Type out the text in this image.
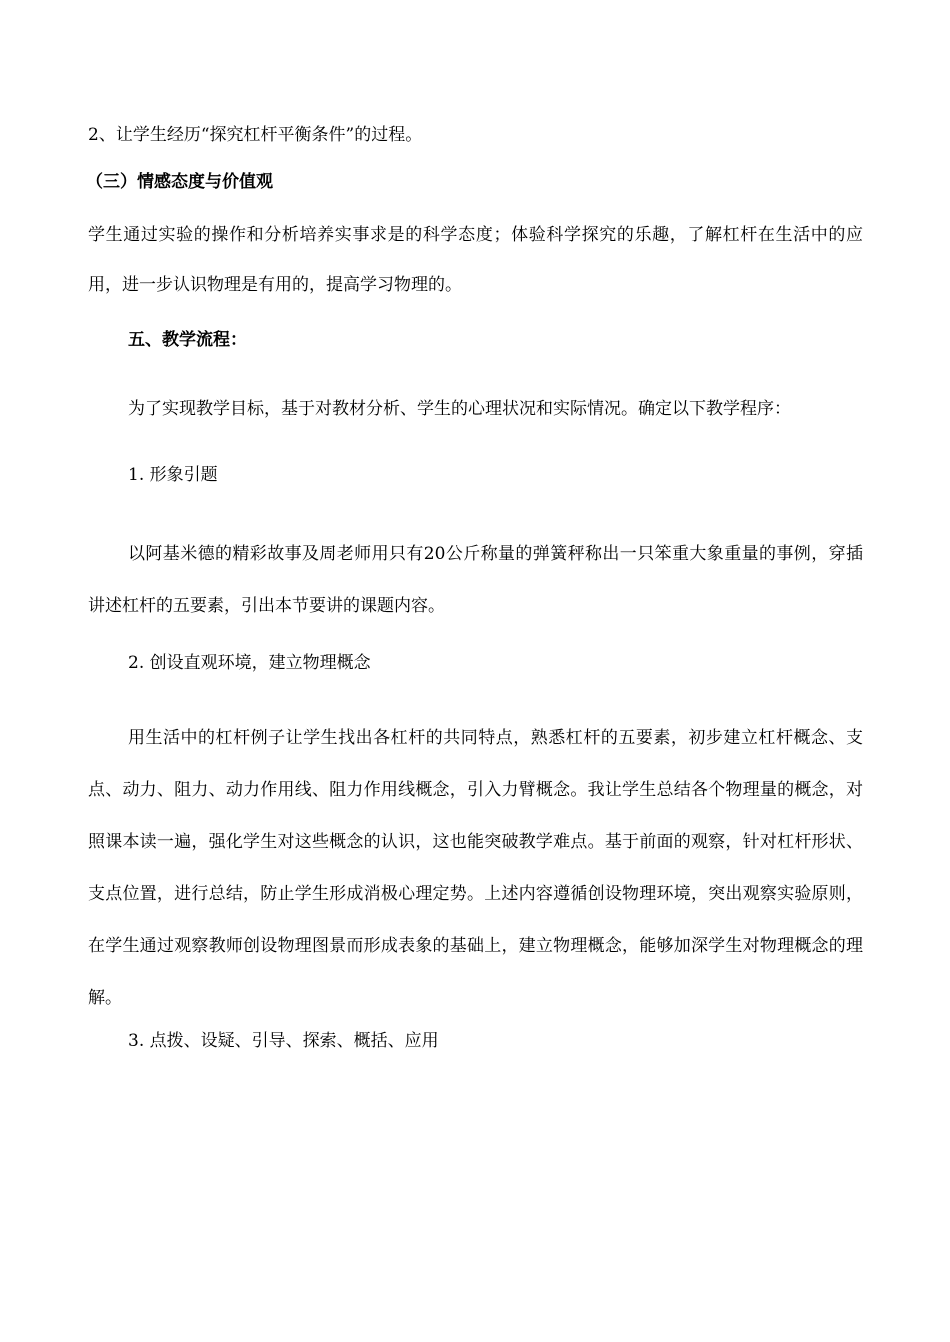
2、让学生经历“探究杠杆平衡条件”的过程。
（三）情感态度与价值观
学生通过实验的操作和分析培养实事求是的科学态度；体验科学探究的乐趣，了解杠杆在生活中的应用，进一步认识物理是有用的，提高学习物理的。
五、教学流程：
为了实现教学目标，基于对教材分析、学生的心理状况和实际情况。确定以下教学程序：
1. 形象引题
以阿基米德的精彩故事及周老师用只有20公斤称量的弹簧秤称出一只笨重大象重量的事例，穿插讲述杠杆的五要素，引出本节要讲的课题内容。
2. 创设直观环境，建立物理概念
用生活中的杠杆例子让学生找出各杠杆的共同特点，熟悉杠杆的五要素，初步建立杠杆概念、支点、动力、阻力、动力作用线、阻力作用线概念，引入力臂概念。我让学生总结各个物理量的概念，对照课本读一遍，强化学生对这些概念的认识，这也能突破教学难点。基于前面的观察，针对杠杆形状、支点位置，进行总结，防止学生形成消极心理定势。上述内容遵循创设物理环境，突出观察实验原则，在学生通过观察教师创设物理图景而形成表象的基础上，建立物理概念，能够加深学生对物理概念的理解。
3. 点拨、设疑、引导、探索、概括、应用
